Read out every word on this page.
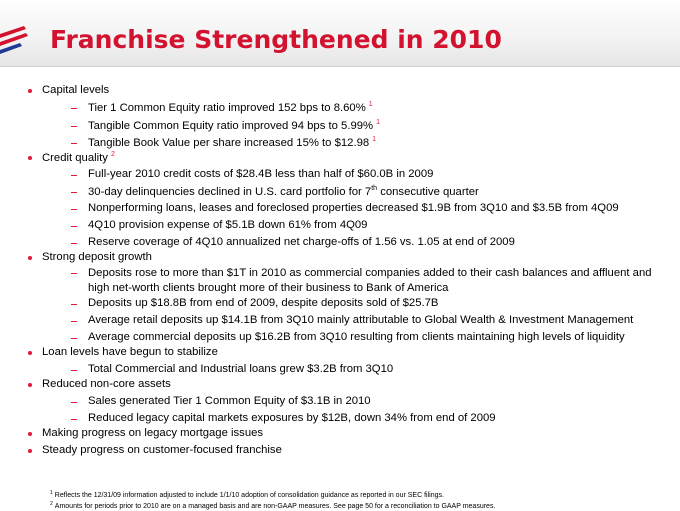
Franchise Strengthened in 2010
Capital levels
Tier 1 Common Equity ratio improved 152 bps to 8.60% $^1$
Tangible Common Equity ratio improved 94 bps to 5.99% $^1$
Tangible Book Value per share increased 15% to $12.98 $^1$
Credit quality $^2$
Full-year 2010 credit costs of $28.4B less than half of $60.0B in 2009
30-day delinquencies declined in U.S. card portfolio for 7th consecutive quarter
Nonperforming loans, leases and foreclosed properties decreased $1.9B from 3Q10 and $3.5B from 4Q09
4Q10 provision expense of $5.1B down 61% from 4Q09
Reserve coverage of 4Q10 annualized net charge-offs of 1.56 vs. 1.05 at end of 2009
Strong deposit growth
Deposits rose to more than $1T in 2010 as commercial companies added to their cash balances and affluent and high net-worth clients brought more of their business to Bank of America
Deposits up $18.8B from end of 2009, despite deposits sold of $25.7B
Average retail deposits up $14.1B from 3Q10 mainly attributable to Global Wealth & Investment Management
Average commercial deposits up $16.2B from 3Q10 resulting from clients maintaining high levels of liquidity
Loan levels have begun to stabilize
Total Commercial and Industrial loans grew $3.2B from 3Q10
Reduced non-core assets
Sales generated Tier 1 Common Equity of $3.1B in 2010
Reduced legacy capital markets exposures by $12B, down 34% from end of 2009
Making progress on legacy mortgage issues
Steady progress on customer-focused franchise
$^1$ Reflects the 12/31/09 information adjusted to include 1/1/10 adoption of consolidation guidance as reported in our SEC filings.
$^2$ Amounts for periods prior to 2010 are on a managed basis and are non-GAAP measures. See page 50 for a reconciliation to GAAP measures.
